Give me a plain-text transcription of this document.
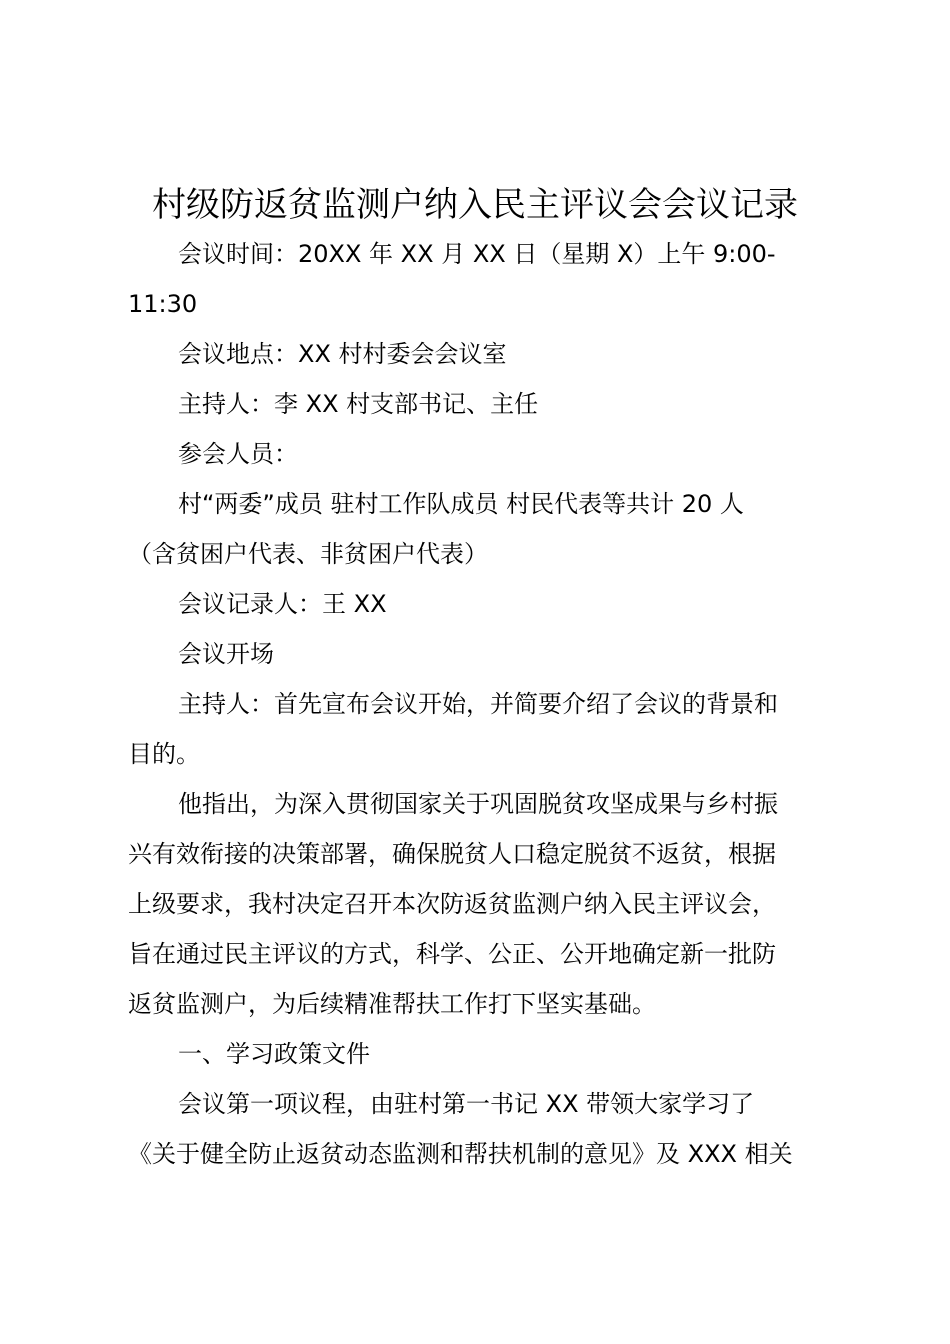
村级防返贫监测户纳入民主评议会会议记录
会议时间：20XX 年 XX 月 XX 日（星期 X）上午 9:00-
11:30
会议地点：XX 村村委会会议室
主持人：李 XX 村支部书记、主任
参会人员：
村“两委”成员 驻村工作队成员 村民代表等共计 20 人
（含贫困户代表、非贫困户代表）
会议记录人：王 XX
会议开场
主持人：首先宣布会议开始，并简要介绍了会议的背景和
目的。
他指出，为深入贯彻国家关于巩固脱贫攻坚成果与乡村振
兴有效衔接的决策部署，确保脱贫人口稳定脱贫不返贫，根据
上级要求，我村决定召开本次防返贫监测户纳入民主评议会，
旨在通过民主评议的方式，科学、公正、公开地确定新一批防
返贫监测户，为后续精准帮扶工作打下坚实基础。
一、学习政策文件
会议第一项议程，由驻村第一书记 XX 带领大家学习了
《关于健全防止返贫动态监测和帮扶机制的意见》及 XXX 相关
